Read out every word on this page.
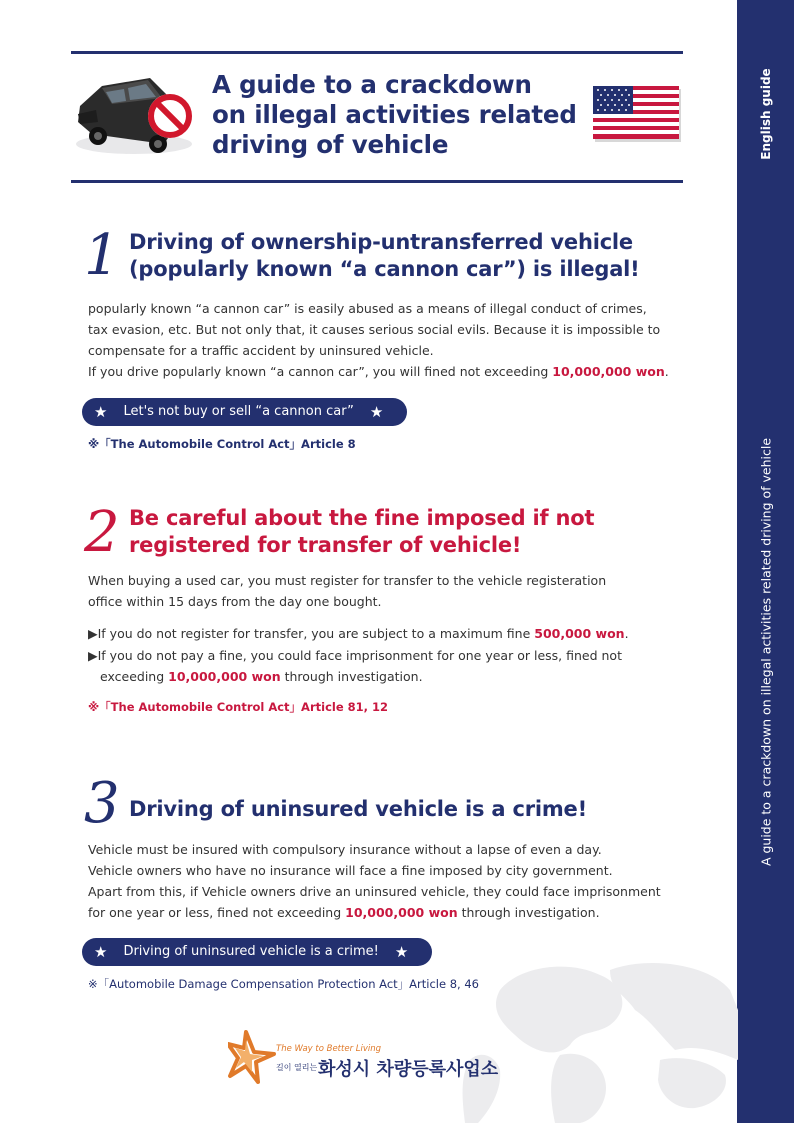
English guide
A guide to a crackdown on illegal activities related driving of vehicle
A guide to a crackdown
on illegal activities related
driving of vehicle
1 Driving of ownership-untransferred vehicle
(popularly known “a cannon car”) is illegal!
popularly known “a cannon car” is easily abused as a means of illegal conduct of crimes,
tax evasion, etc. But not only that, it causes serious social evils. Because it is impossible to
compensate for a traffic accident by uninsured vehicle.
If you drive popularly known “a cannon car”, you will fined not exceeding 10,000,000 won.
★ Let's not buy or sell “a cannon car” ★
※「The Automobile Control Act」Article 8
2 Be careful about the fine imposed if not
registered for transfer of vehicle!
When buying a used car, you must register for transfer to the vehicle registeration
office within 15 days from the day one bought.
▶If you do not register for transfer, you are subject to a maximum fine 500,000 won.
▶If you do not pay a fine, you could face imprisonment for one year or less, fined not
exceeding 10,000,000 won through investigation.
※「The Automobile Control Act」Article 81, 12
3 Driving of uninsured vehicle is a crime!
Vehicle must be insured with compulsory insurance without a lapse of even a day.
Vehicle owners who have no insurance will face a fine imposed by city government.
Apart from this, if Vehicle owners drive an uninsured vehicle, they could face imprisonment
for one year or less, fined not exceeding 10,000,000 won through investigation.
★ Driving of uninsured vehicle is a crime! ★
※「Automobile Damage Compensation Protection Act」Article 8, 46
The Way to Better Living
길이 열리는 화성시 차량등록사업소
